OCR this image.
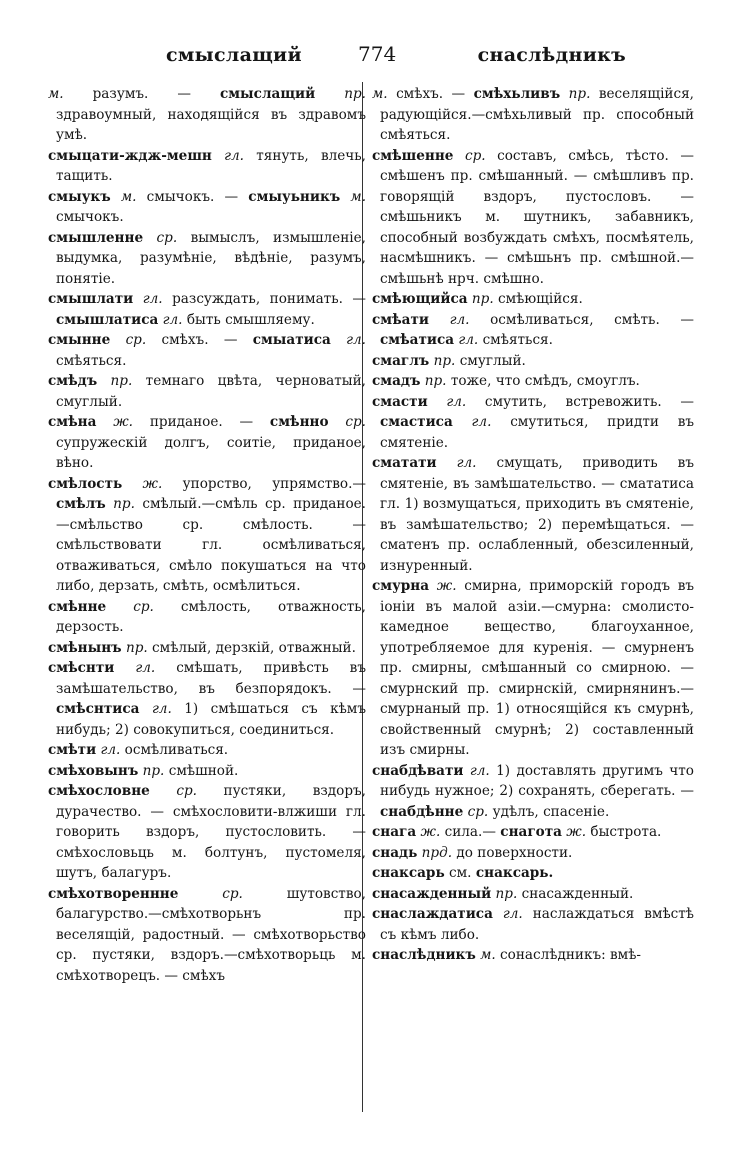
смыслащий	774	снаслѣдникъ

м. разумъ. — смыслащий пр. здравоумный, находящійся въ здравомъ умѣ.

смыцати-ждж-мешн гл. тянуть, влечь, тащить.

смыукъ м. смычокъ. — смыуьникъ м. смычокъ.

смышленне ср. вымыслъ, измышленіе, выдумка, разумѣніе, вѣдѣніе, разумъ, понятіе.

смышлати гл. разсуждать, понимать. — смышлатиса гл. быть смышляему.

смынне ср. смѣхъ. — смыатиса гл. смѣяться.

смѣдъ пр. темнаго цвѣта, черноватый, смуглый.

смѣна ж. приданое. — смѣнно ср. супружескій долгъ, соитіе, приданое, вѣно.

смѣлость ж. упорство, упрямство.— смѣлъ пр. смѣлый.—смѣль ср. приданое.—смѣльство ср. смѣлость. — смѣльствовати гл. осмѣливаться, отваживаться, смѣло покушаться на что либо, дерзать, смѣть, осмѣлиться.

смѣнне ср. смѣлость, отважность, дерзость.

смѣнынъ пр. смѣлый, дерзкій, отважный.

смѣснти гл. смѣшать, привѣсть въ замѣшательство, въ безпорядокъ. — смѣснтиса гл. 1) смѣшаться съ кѣмъ нибудь; 2) совокупиться, соединиться.

смѣти гл. осмѣливаться.

смѣховынъ пр. смѣшной.

смѣхословне ср. пустяки, вздоръ, дурачество. — смѣхословити-влжиши гл. говорить вздоръ, пустословить. — смѣхословьць м. болтунъ, пустомеля, шутъ, балагуръ.

смѣхотвореннне	ср.	шутовство, балагурство.—смѣхотворьнъ пр. веселящій, радостный. — смѣхотворьство ср. пустяки, вздоръ.—смѣхотворьць м. смѣхотворецъ. — смѣхъ

м. смѣхъ. — смѣхьливъ пр. веселящійся, радующійся.—смѣхьливый пр. способный смѣяться.

смѣшенне ср. составъ, смѣсь, тѣсто. — смѣшенъ пр. смѣшанный. — смѣшливъ пр. говорящій вздоръ, пустословъ. — смѣшьникъ м. шутникъ, забавникъ, способный возбуждать смѣхъ, посмѣятель, насмѣшникъ. — смѣшьнъ пр. смѣшной.—смѣшьнѣ нрч. смѣшно.

смѣющийса пр. смѣющійся.

смѣати гл. осмѣливаться, смѣть. — смѣатиса гл. смѣяться.

смаглъ пр. смуглый.

смадъ пр. тоже, что смѣдъ, смоуглъ.

смасти гл. смутить, встревожить. — смастиса гл. смутиться, придти въ смятеніе.

сматати гл. смущать, приводить въ смятеніе, въ замѣшательство. — смататиса гл. 1) возмущаться, приходить въ смятеніе, въ замѣшательство; 2) перемѣщаться. — сматенъ пр. ослабленный, обезсиленный, изнуренный.

смурна ж. смирна, приморскій городъ въ іоніи въ малой азіи.—смурна: смолисто-камедное вещество, благоуханное, употребляемое для куренія. — смурненъ пр. смирны, смѣшанный со смирною. — смурнский пр. смирнскій, смирнянинъ.—смурнаный пр. 1) относящійся къ смурнѣ, свойственный смурнѣ; 2) составленный изъ смирны.

снабдѣвати гл. 1) доставлять другимъ что нибудь нужное; 2) сохранять, сберегать. — снабдѣнне ср. удѣлъ, спасеніе.

снага ж. сила.— снагота ж. быстрота.

снадь прд. до поверхности.

снаксарь см. снаксарь.

снасажденный пр. снасажденный.

снаслаждатиса гл. наслаждаться вмѣстѣ съ кѣмъ либо.

снаслѣдникъ м. сонаслѣдникъ: вмѣ-
